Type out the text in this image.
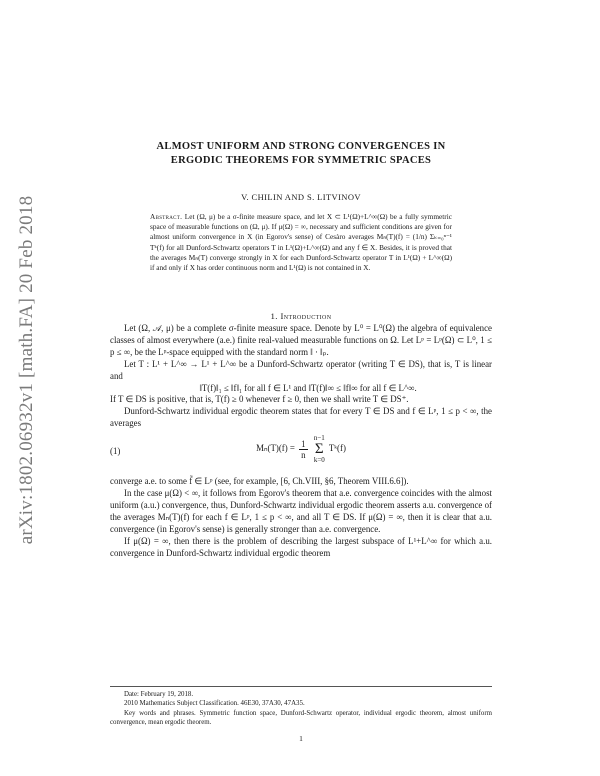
arXiv:1802.06932v1 [math.FA] 20 Feb 2018
ALMOST UNIFORM AND STRONG CONVERGENCES IN
ERGODIC THEOREMS FOR SYMMETRIC SPACES
V. CHILIN AND S. LITVINOV
Abstract. Let (Ω, μ) be a σ-finite measure space, and let X ⊂ L¹(Ω)+L^∞(Ω) be a fully symmetric space of measurable functions on (Ω, μ). If μ(Ω) = ∞, necessary and sufficient conditions are given for almost uniform convergence in X (in Egorov's sense) of Cesàro averages Mₙ(T)(f) = (1/n) Σₖ₌₀ⁿ⁻¹ Tᵏ(f) for all Dunford-Schwartz operators T in L¹(Ω)+L^∞(Ω) and any f ∈ X. Besides, it is proved that the averages Mₙ(T) converge strongly in X for each Dunford-Schwartz operator T in L¹(Ω) + L^∞(Ω) if and only if X has order continuous norm and L¹(Ω) is not contained in X.
1. Introduction

Let (Ω, 𝒜, μ) be a complete σ-finite measure space. Denote by L⁰ = L⁰(Ω) the algebra of equivalence classes of almost everywhere (a.e.) finite real-valued measurable functions on Ω. Let Lᵖ = Lᵖ(Ω) ⊂ L⁰, 1 ≤ p ≤ ∞, be the Lᵖ-space equipped with the standard norm ‖ · ‖ₚ.

Let T : L¹ + L^∞ → L¹ + L^∞ be a Dunford-Schwartz operator (writing T ∈ DS), that is, T is linear and

‖T(f)‖₁ ≤ ‖f‖₁ for all f ∈ L¹ and ‖T(f)‖∞ ≤ ‖f‖∞ for all f ∈ L^∞.

If T ∈ DS is positive, that is, T(f) ≥ 0 whenever f ≥ 0, then we shall write T ∈ DS⁺.

Dunford-Schwartz individual ergodic theorem states that for every T ∈ DS and f ∈ Lᵖ, 1 ≤ p < ∞, the averages

(1)	$M_n(T)(f) = \frac{1}{n} n-1$
Σ
k=0 Tᵏ(f)

converge a.e. to some f̃ ∈ Lᵖ (see, for example, [6, Ch.VIII, §6, Theorem VIII.6.6]).

In the case μ(Ω) < ∞, it follows from Egorov's theorem that a.e. convergence coincides with the almost uniform (a.u.) convergence, thus, Dunford-Schwartz individual ergodic theorem asserts a.u. convergence of the averages Mₙ(T)(f) for each f ∈ Lᵖ, 1 ≤ p < ∞, and all T ∈ DS. If μ(Ω) = ∞, then it is clear that a.u. convergence (in Egorov's sense) is generally stronger than a.e. convergence.

If μ(Ω) = ∞, then there is the problem of describing the largest subspace of L¹+L^∞ for which a.u. convergence in Dunford-Schwartz individual ergodic theorem

Date: February 19, 2018.
2010 Mathematics Subject Classification. 46E30, 37A30, 47A35.
Key words and phrases. Symmetric function space, Dunford-Schwartz operator, individual ergodic theorem, almost uniform convergence, mean ergodic theorem.
1
